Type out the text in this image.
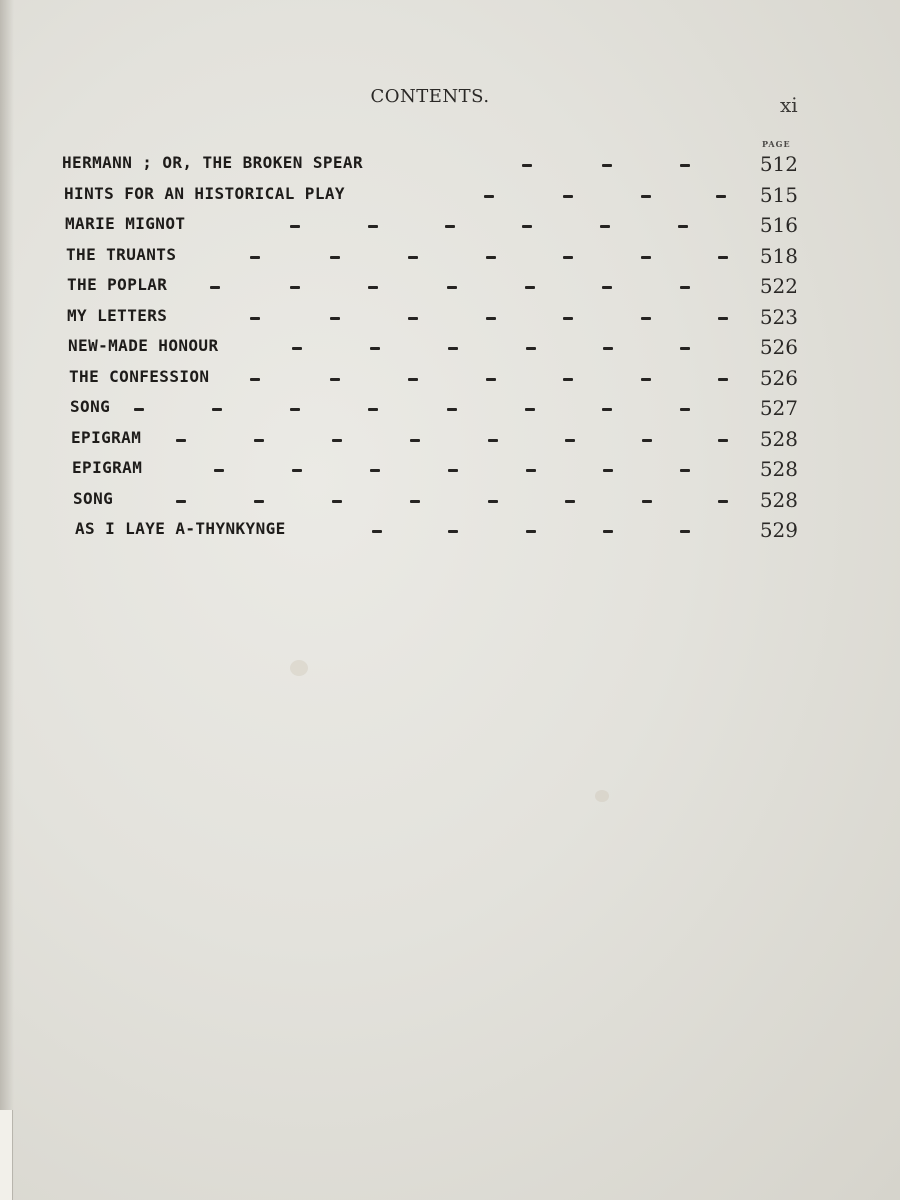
CONTENTS.	xi
PAGE
HERMANN ; OR, THE BROKEN SPEAR	512
HINTS FOR AN HISTORICAL PLAY	515
MARIE MIGNOT	516
THE TRUANTS	518
THE POPLAR	522
MY LETTERS	523
NEW-MADE HONOUR	526
THE CONFESSION	526
SONG	527
EPIGRAM	528
EPIGRAM	528
SONG	528
AS I LAYE A-THYNKYNGE	529
